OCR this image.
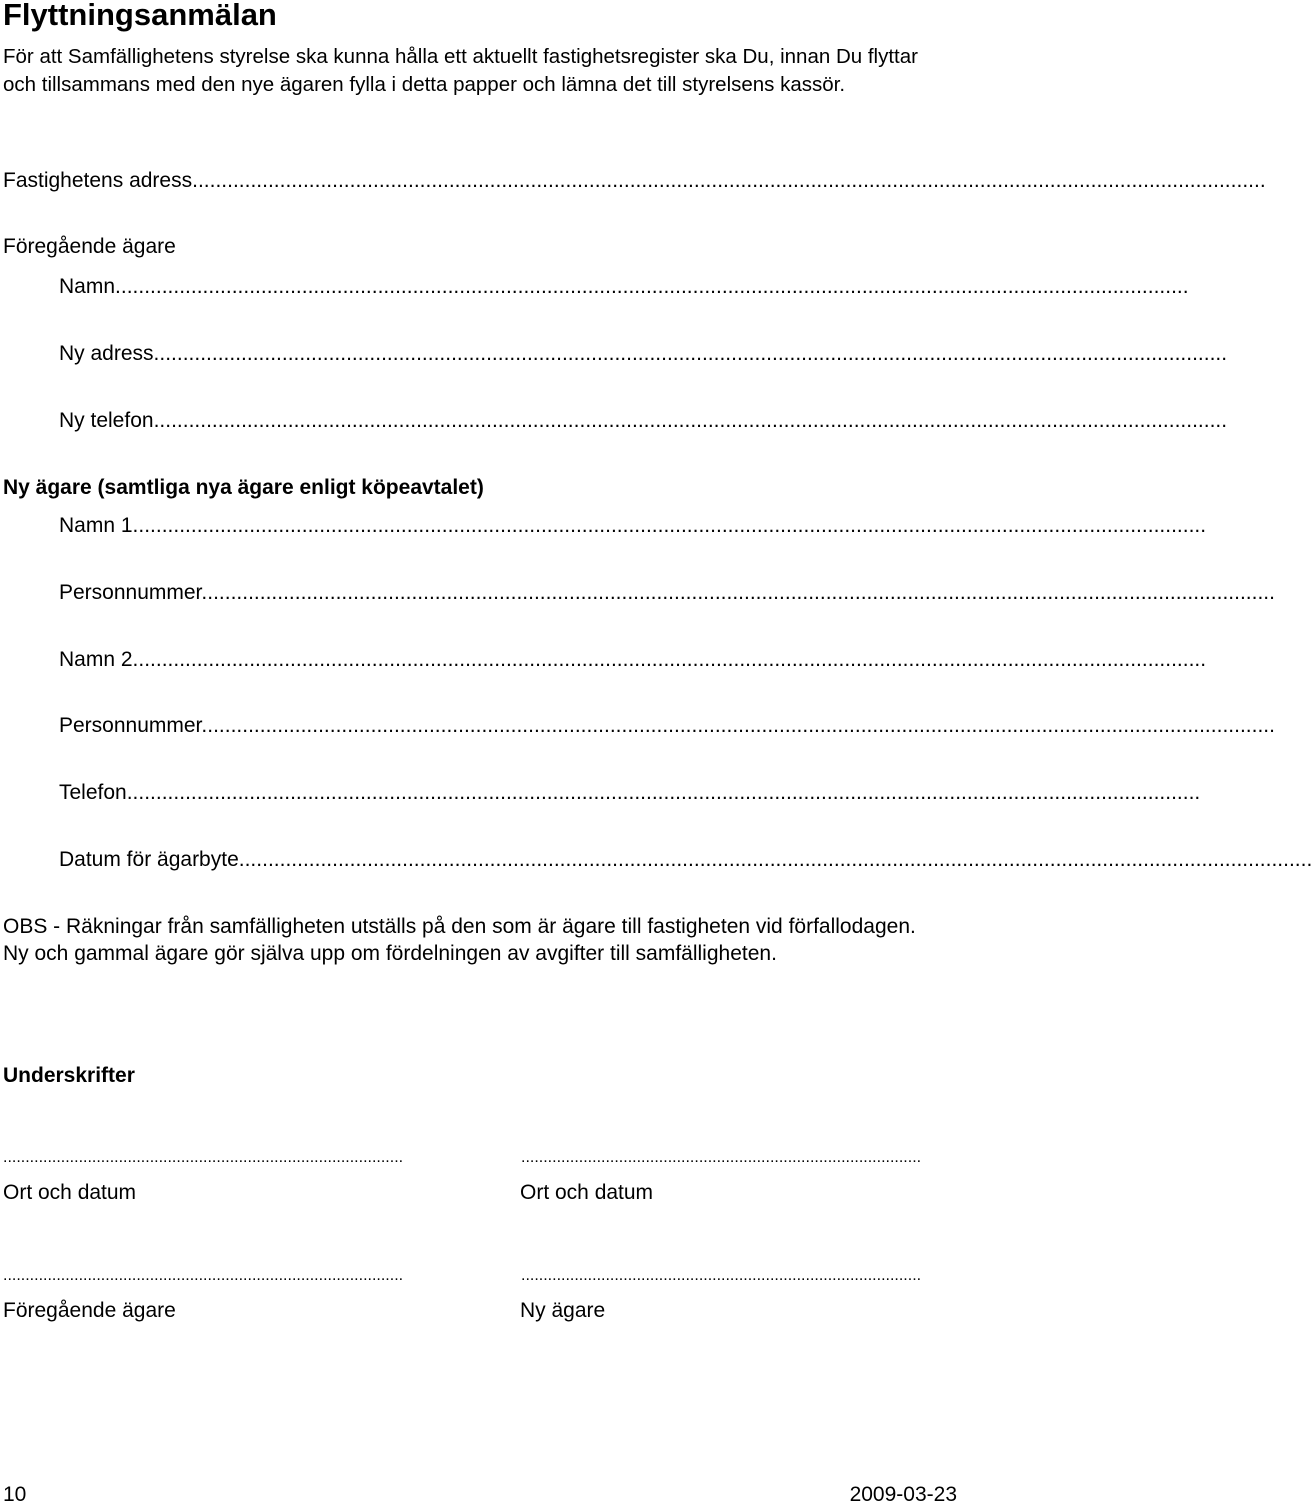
Flyttningsanmälan
För att Samfällighetens styrelse ska kunna hålla ett aktuellt fastighetsregister ska Du, innan Du flyttar och tillsammans med den nye ägaren fylla i detta papper och lämna det till styrelsens kassör.
Fastighetens adress........................................................................................................................................................................................
Föregående ägare
Namn........................................................................................................................................................................................
Ny adress........................................................................................................................................................................................
Ny telefon........................................................................................................................................................................................
Ny ägare (samtliga nya ägare enligt köpeavtalet)
Namn 1........................................................................................................................................................................................
Personnummer........................................................................................................................................................................................
Namn 2........................................................................................................................................................................................
Personnummer........................................................................................................................................................................................
Telefon........................................................................................................................................................................................
Datum för ägarbyte........................................................................................................................................................................................
OBS - Räkningar från samfälligheten utställs på den som är ägare till fastigheten vid förfallodagen. Ny och gammal ägare gör själva upp om fördelningen av avgifter till samfälligheten.
Underskrifter
..........................................................................................	..........................................................................................
Ort och datum	Ort och datum
..........................................................................................	..........................................................................................
Föregående ägare	Ny ägare
10	2009-03-23
